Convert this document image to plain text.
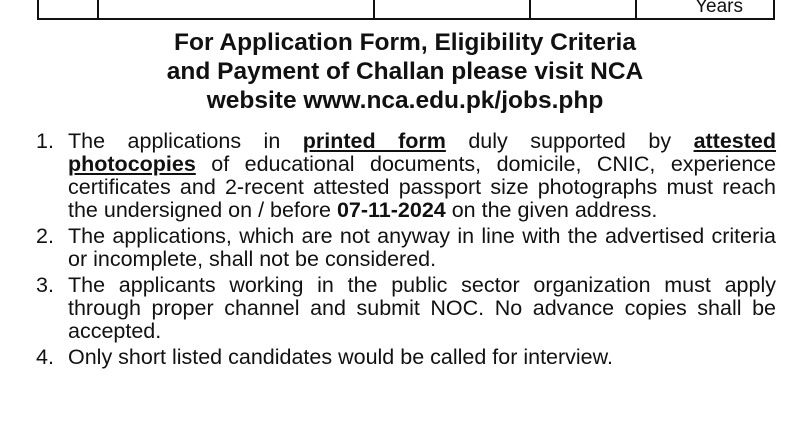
Years
For Application Form, Eligibility Criteria
and Payment of Challan please visit NCA
website www.nca.edu.pk/jobs.php
1. The applications in printed form duly supported by attested photocopies of educational documents, domicile, CNIC, experience certificates and 2-recent attested passport size photographs must reach the undersigned on / before 07-11-2024 on the given address.
2. The applications, which are not anyway in line with the advertised criteria or incomplete, shall not be considered.
3. The applicants working in the public sector organization must apply through proper channel and submit NOC. No advance copies shall be accepted.
4. Only short listed candidates would be called for interview.
